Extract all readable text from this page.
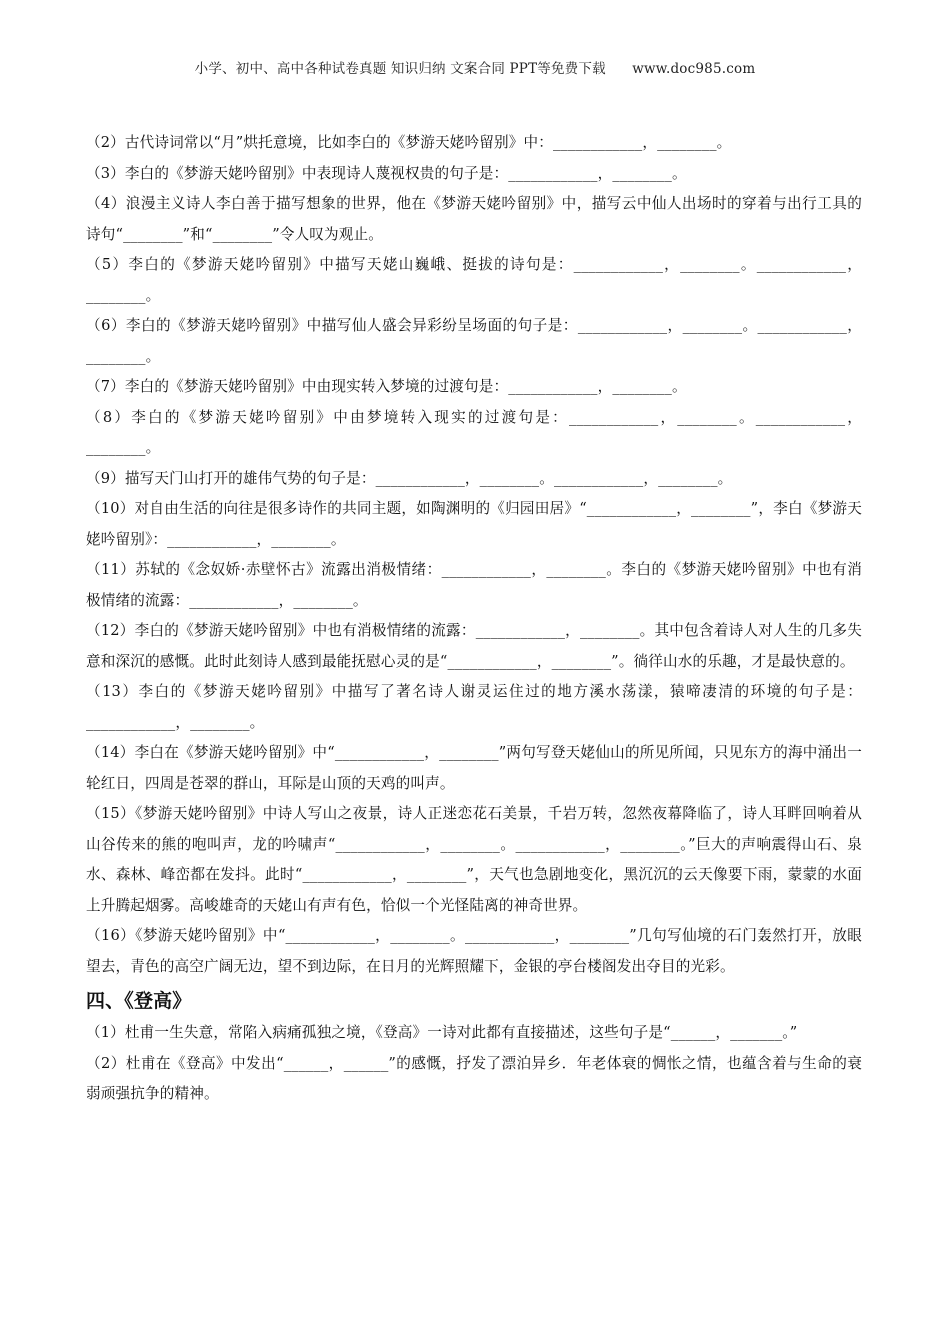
小学、初中、高中各种试卷真题 知识归纳 文案合同 PPT等免费下载 www.doc985.com

（2）古代诗词常以“月”烘托意境，比如李白的《梦游天姥吟留别》中：____________，________。

（3）李白的《梦游天姥吟留别》中表现诗人蔑视权贵的句子是：____________，________。

（4）浪漫主义诗人李白善于描写想象的世界，他在《梦游天姥吟留别》中，描写云中仙人出场时的穿着与出行工具的诗句“________”和“________”令人叹为观止。

（5）李白的《梦游天姥吟留别》中描写天姥山巍峨、挺拔的诗句是：____________，________。____________，________。

（6）李白的《梦游天姥吟留别》中描写仙人盛会异彩纷呈场面的句子是：____________，________。____________，________。

（7）李白的《梦游天姥吟留别》中由现实转入梦境的过渡句是：____________，________。

（8）李白的《梦游天姥吟留别》中由梦境转入现实的过渡句是：____________，________。____________，________。

（9）描写天门山打开的雄伟气势的句子是：____________，________。____________，________。

（10）对自由生活的向往是很多诗作的共同主题，如陶渊明的《归园田居》“____________，________”，李白《梦游天姥吟留别》：____________，________。

（11）苏轼的《念奴娇·赤壁怀古》流露出消极情绪：____________，________。李白的《梦游天姥吟留别》中也有消极情绪的流露：____________，________。

（12）李白的《梦游天姥吟留别》中也有消极情绪的流露：____________，________。其中包含着诗人对人生的几多失意和深沉的感慨。此时此刻诗人感到最能抚慰心灵的是“____________，________”。徜徉山水的乐趣，才是最快意的。

（13）李白的《梦游天姥吟留别》中描写了著名诗人谢灵运住过的地方溪水荡漾，猿啼凄清的环境的句子是：____________，________。

（14）李白在《梦游天姥吟留别》中“____________，________”两句写登天姥仙山的所见所闻，只见东方的海中涌出一轮红日，四周是苍翠的群山，耳际是山顶的天鸡的叫声。

（15）《梦游天姥吟留别》中诗人写山之夜景，诗人正迷恋花石美景，千岩万转，忽然夜幕降临了，诗人耳畔回响着从山谷传来的熊的咆叫声，龙的吟啸声“____________，________。____________，________。”巨大的声响震得山石、泉水、森林、峰峦都在发抖。此时“____________，________”，天气也急剧地变化，黑沉沉的云天像要下雨，蒙蒙的水面上升腾起烟雾。高峻雄奇的天姥山有声有色，恰似一个光怪陆离的神奇世界。

（16）《梦游天姥吟留别》中“____________，________。____________，________”几句写仙境的石门轰然打开，放眼望去，青色的高空广阔无边，望不到边际，在日月的光辉照耀下，金银的亭台楼阁发出夺目的光彩。

四、《登高》

（1）杜甫一生失意，常陷入病痛孤独之境，《登高》一诗对此都有直接描述，这些句子是“______，_______。”

（2）杜甫在《登高》中发出“______，______”的感慨，抒发了漂泊异乡．年老体衰的惆怅之情，也蕴含着与生命的衰弱顽强抗争的精神。
